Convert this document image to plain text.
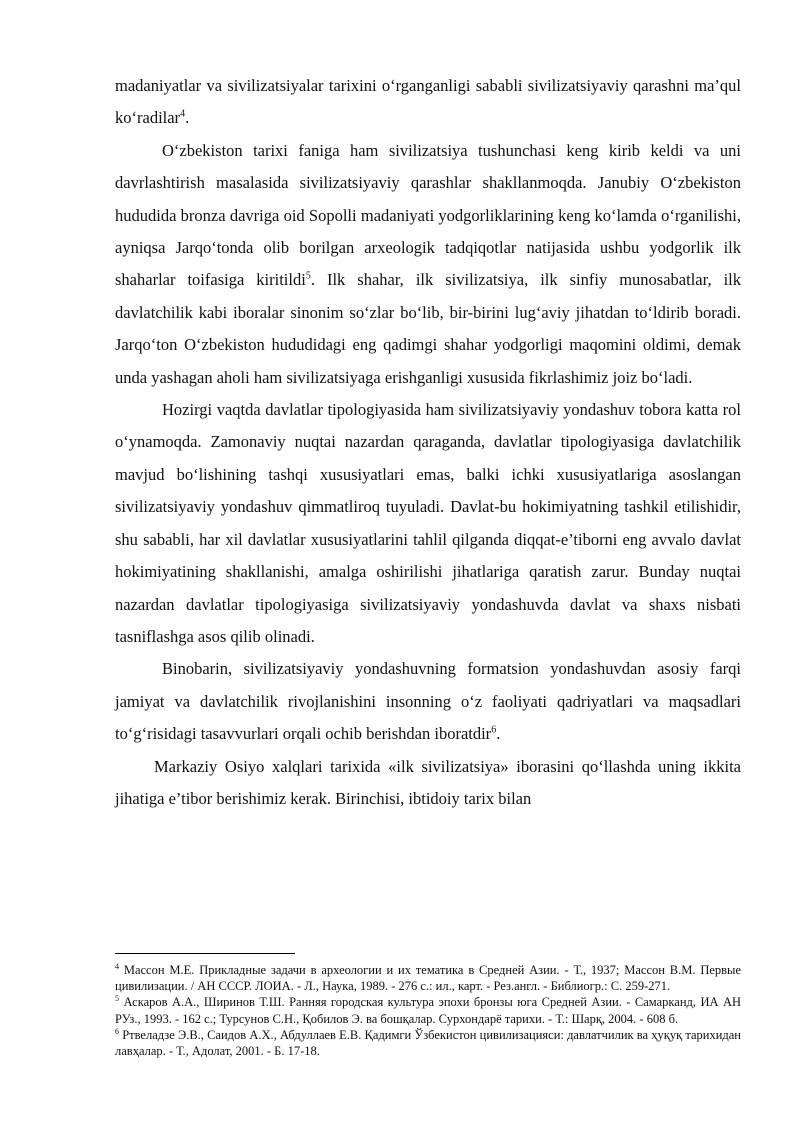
madaniyatlar va sivilizatsiyalar tarixini o‘rganganligi sababli sivilizatsiyaviy qarashni ma’qul ko‘radilar$^4$.

O‘zbekiston tarixi faniga ham sivilizatsiya tushunchasi keng kirib keldi va uni davrlashtirish masalasida sivilizatsiyaviy qarashlar shakllanmoqda. Janubiy O‘zbekiston hududida bronza davriga oid Sopolli madaniyati yodgorliklarining keng ko‘lamda o‘rganilishi, ayniqsa Jarqo‘tonda olib borilgan arxeologik tadqiqotlar natijasida ushbu yodgorlik ilk shaharlar toifasiga kiritildi$^5$. Ilk shahar, ilk sivilizatsiya, ilk sinfiy munosabatlar, ilk davlatchilik kabi iboralar sinonim so‘zlar bo‘lib, bir-birini lug‘aviy jihatdan to‘ldirib boradi. Jarqo‘ton O‘zbekiston hududidagi eng qadimgi shahar yodgorligi maqomini oldimi, demak unda yashagan aholi ham sivilizatsiyaga erishganligi xususida fikrlashimiz joiz bo‘ladi.

Hozirgi vaqtda davlatlar tipologiyasida ham sivilizatsiyaviy yondashuv tobora katta rol o‘ynamoqda. Zamonaviy nuqtai nazardan qaraganda, davlatlar tipologiyasiga davlatchilik mavjud bo‘lishining tashqi xususiyatlari emas, balki ichki xususiyatlariga asoslangan sivilizatsiyaviy yondashuv qimmatliroq tuyuladi. Davlat-bu hokimiyatning tashkil etilishidir, shu sababli, har xil davlatlar xususiyatlarini tahlil qilganda diqqat-e’tiborni eng avvalo davlat hokimiyatining shakllanishi, amalga oshirilishi jihatlariga qaratish zarur. Bunday nuqtai nazardan davlatlar tipologiyasiga sivilizatsiyaviy yondashuvda davlat va shaxs nisbati tasniflashga asos qilib olinadi.

Binobarin, sivilizatsiyaviy yondashuvning formatsion yondashuvdan asosiy farqi jamiyat va davlatchilik rivojlanishini insonning o‘z faoliyati qadriyatlari va maqsadlari to‘g‘risidagi tasavvurlari orqali ochib berishdan iboratdir$^6$.

Markaziy Osiyo xalqlari tarixida «ilk sivilizatsiya» iborasini qo‘llashda uning ikkita jihatiga e’tibor berishimiz kerak. Birinchisi, ibtidoiy tarix bilan

$^4$ Массон М.Е. Прикладные задачи в археологии и их тематика в Средней Азии. - Т., 1937; Массон В.М. Первые цивилизации. / АН СССР. ЛОИА. - Л., Наука, 1989. - 276 с.: ил., карт. - Рез.англ. - Библиогр.: С. 259-271.

$^5$ Аскаров А.А., Ширинов Т.Ш. Ранняя городская культура эпохи бронзы юга Средней Азии. - Самарканд, ИА АН РУз., 1993. - 162 с.; Турсунов С.Н., Қобилов Э. ва бошқалар. Сурхондарё тарихи. - Т.: Шарқ, 2004. - 608 б.

$^6$ Ртвеладзе Э.В., Саидов А.Х., Абдуллаев Е.В. Қадимги Ўзбекистон цивилизацияси: давлатчилик ва ҳуқуқ тарихидан лавҳалар. - Т., Адолат, 2001. - Б. 17-18.
